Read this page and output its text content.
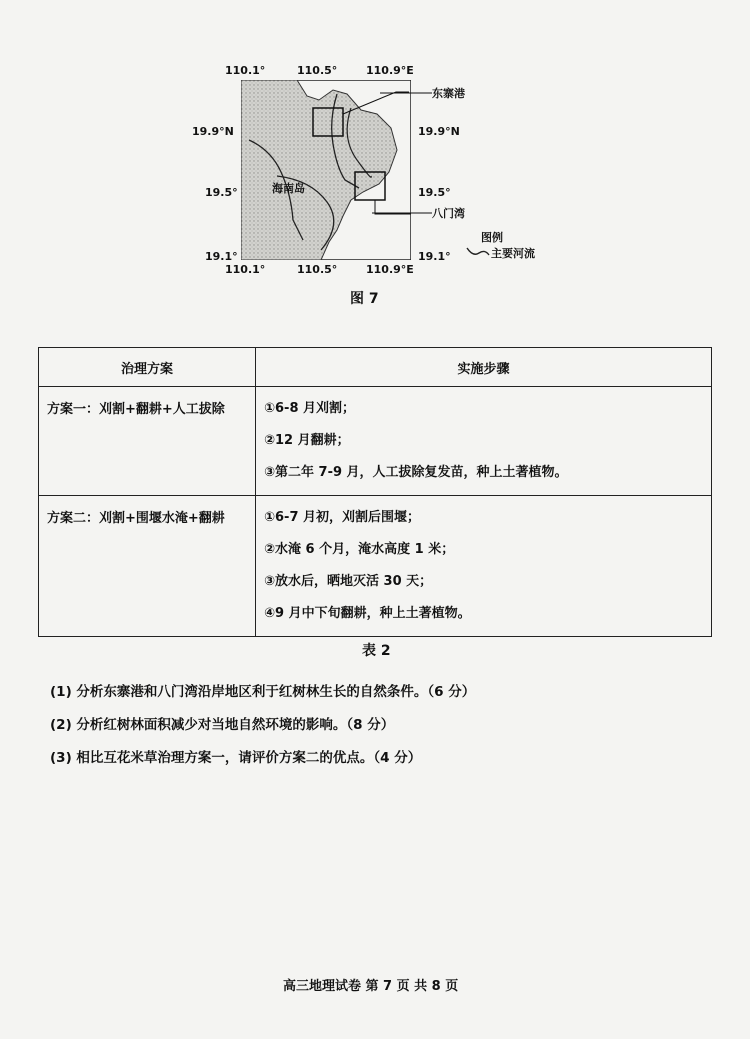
110.1°	110.5°	110.9°E
19.9°N
19.5°
19.1°
19.9°N
19.5°
19.1°
110.1°	110.5°	110.9°E
海南岛
东寨港
八门湾
图例
主要河流
图 7
治理方案	实施步骤
方案一：刈割+翻耕+人工拔除	①6-8 月刈割；
②12 月翻耕；
③第二年 7-9 月，人工拔除复发苗，种上土著植物。

方案二：刈割+围堰水淹+翻耕	①6-7 月初，刈割后围堰；
②水淹 6 个月，淹水高度 1 米；
③放水后，晒地灭活 30 天；
④9 月中下旬翻耕，种上土著植物。
表 2
(1) 分析东寨港和八门湾沿岸地区利于红树林生长的自然条件。（6 分）
(2) 分析红树林面积减少对当地自然环境的影响。（8 分）
(3) 相比互花米草治理方案一，请评价方案二的优点。（4 分）
高三地理试卷 第 7 页 共 8 页
